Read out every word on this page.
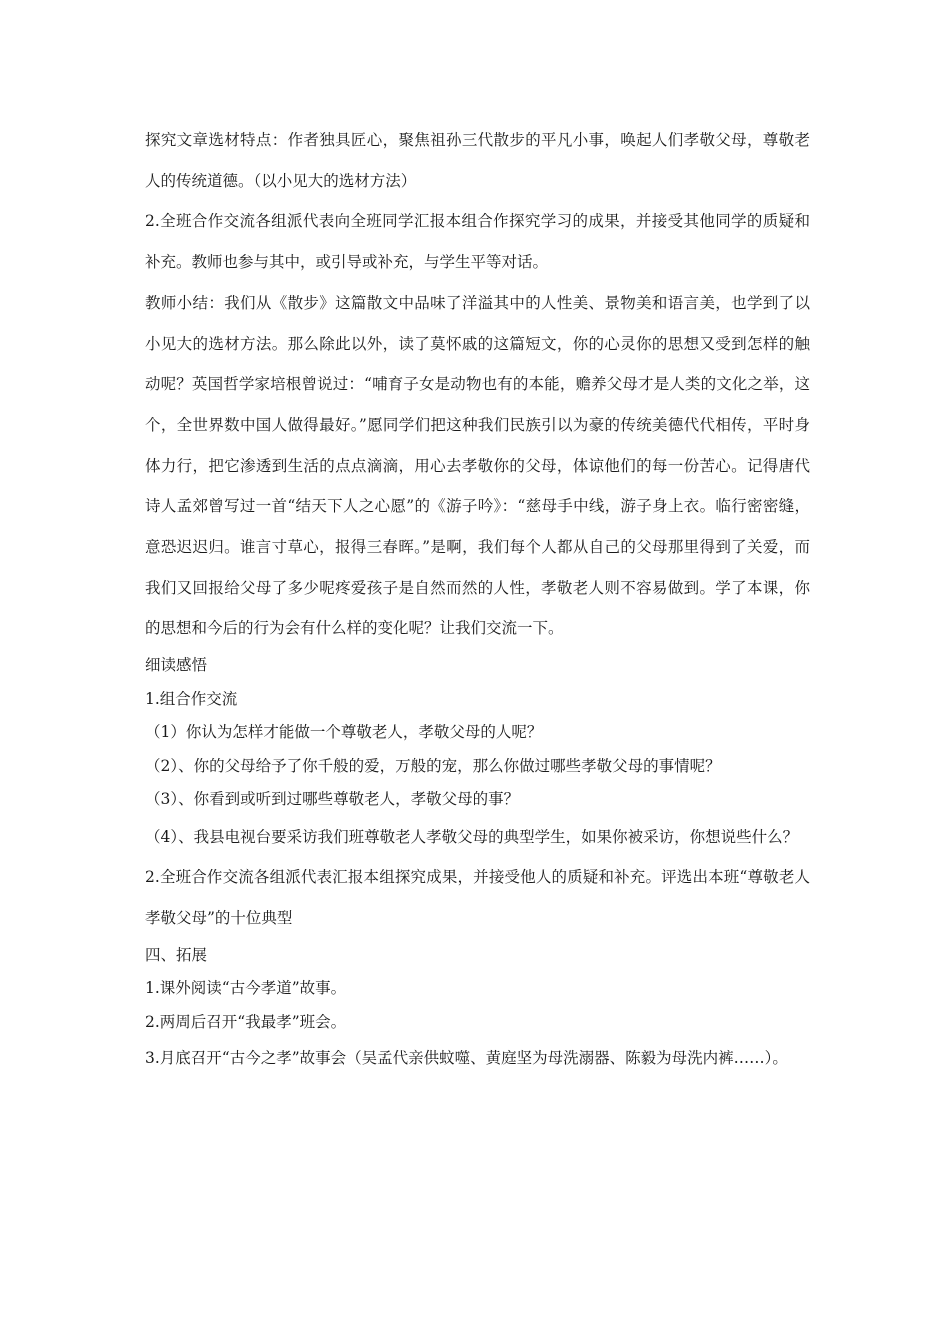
探究文章选材特点：作者独具匠心，聚焦祖孙三代散步的平凡小事，唤起人们孝敬父母，尊敬老人的传统道德。（以小见大的选材方法）

2.全班合作交流各组派代表向全班同学汇报本组合作探究学习的成果，并接受其他同学的质疑和补充。教师也参与其中，或引导或补充，与学生平等对话。

教师小结：我们从《散步》这篇散文中品味了洋溢其中的人性美、景物美和语言美，也学到了以小见大的选材方法。那么除此以外，读了莫怀戚的这篇短文，你的心灵你的思想又受到怎样的触动呢？英国哲学家培根曾说过：“哺育子女是动物也有的本能，赡养父母才是人类的文化之举，这个，全世界数中国人做得最好。”愿同学们把这种我们民族引以为豪的传统美德代代相传，平时身体力行，把它渗透到生活的点点滴滴，用心去孝敬你的父母，体谅他们的每一份苦心。记得唐代诗人孟郊曾写过一首“结天下人之心愿”的《游子吟》：“慈母手中线，游子身上衣。临行密密缝，意恐迟迟归。谁言寸草心，报得三春晖。”是啊，我们每个人都从自己的父母那里得到了关爱，而我们又回报给父母了多少呢疼爱孩子是自然而然的人性，孝敬老人则不容易做到。学了本课，你的思想和今后的行为会有什么样的变化呢？让我们交流一下。

细读感悟

1.组合作交流

（1）你认为怎样才能做一个尊敬老人，孝敬父母的人呢？

（2）、你的父母给予了你千般的爱，万般的宠，那么你做过哪些孝敬父母的事情呢？

（3）、你看到或听到过哪些尊敬老人，孝敬父母的事？

（4）、我县电视台要采访我们班尊敬老人孝敬父母的典型学生，如果你被采访，你想说些什么？

2.全班合作交流各组派代表汇报本组探究成果，并接受他人的质疑和补充。评选出本班“尊敬老人孝敬父母”的十位典型

四、拓展

1.课外阅读“古今孝道”故事。

2.两周后召开“我最孝”班会。

3.月底召开“古今之孝”故事会（吴孟代亲供蚊噬、黄庭坚为母洗溺器、陈毅为母洗内裤……）。
